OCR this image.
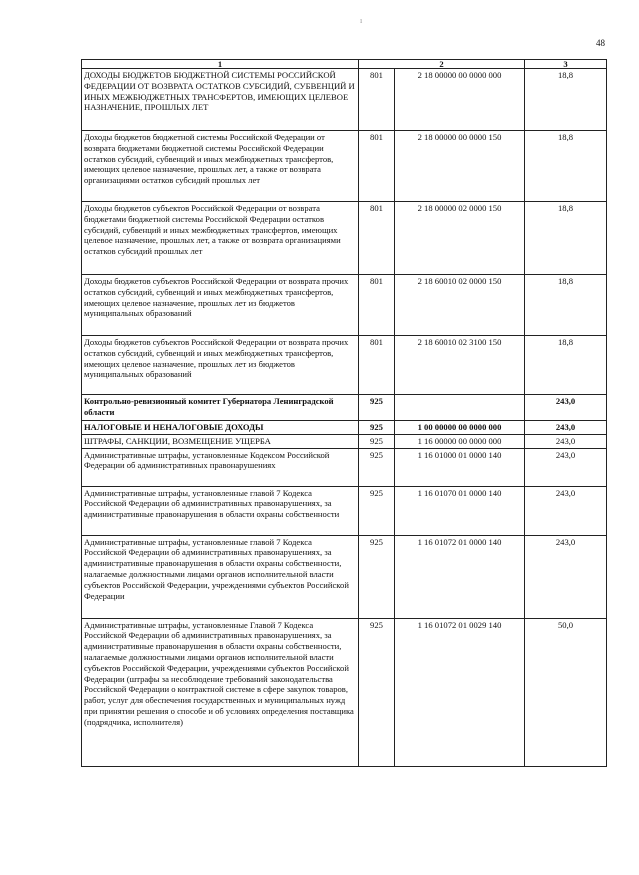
48
ı
1	2		3

ДОХОДЫ БЮДЖЕТОВ БЮДЖЕТНОЙ СИСТЕМЫ РОССИЙСКОЙ ФЕДЕРАЦИИ ОТ ВОЗВРАТА ОСТАТКОВ СУБСИДИЙ, СУБВЕНЦИЙ И ИНЫХ МЕЖБЮДЖЕТНЫХ ТРАНСФЕРТОВ, ИМЕЮЩИХ ЦЕЛЕВОЕ НАЗНАЧЕНИЕ, ПРОШЛЫХ ЛЕТ	801	2 18 00000 00 0000 000	18,8

Доходы бюджетов бюджетной системы Российской Федерации от возврата бюджетами бюджетной системы Российской Федерации остатков субсидий, субвенций и иных межбюджетных трансфертов, имеющих целевое назначение, прошлых лет, а также от возврата организациями остатков субсидий прошлых лет	801	2 18 00000 00 0000 150	18,8

Доходы бюджетов субъектов Российской Федерации от возврата бюджетами бюджетной системы Российской Федерации остатков субсидий, субвенций и иных межбюджетных трансфертов, имеющих целевое назначение, прошлых лет, а также от возврата организациями остатков субсидий прошлых лет	801	2 18 00000 02 0000 150	18,8

Доходы бюджетов субъектов Российской Федерации от возврата прочих остатков субсидий, субвенций и иных межбюджетных трансфертов, имеющих целевое назначение, прошлых лет из бюджетов муниципальных образований	801	2 18 60010 02 0000 150	18,8

Доходы бюджетов субъектов Российской Федерации от возврата прочих остатков субсидий, субвенций и иных межбюджетных трансфертов, имеющих целевое назначение, прошлых лет из бюджетов муниципальных образований	801	2 18 60010 02 3100 150	18,8

Контрольно-ревизионный комитет Губернатора Ленинградской области	925		243,0

НАЛОГОВЫЕ И НЕНАЛОГОВЫЕ ДОХОДЫ	925	1 00 00000 00 0000 000	243,0

ШТРАФЫ, САНКЦИИ, ВОЗМЕЩЕНИЕ УЩЕРБА	925	1 16 00000 00 0000 000	243,0

Административные штрафы, установленные Кодексом Российской Федерации об административных правонарушениях	925	1 16 01000 01 0000 140	243,0

Административные штрафы, установленные главой 7 Кодекса Российской Федерации об административных правонарушениях, за административные правонарушения в области охраны собственности	925	1 16 01070 01 0000 140	243,0

Административные штрафы, установленные главой 7 Кодекса Российской Федерации об административных правонарушениях, за административные правонарушения в области охраны собственности, налагаемые должностными лицами органов исполнительной власти субъектов Российской Федерации, учреждениями субъектов Российской Федерации	925	1 16 01072 01 0000 140	243,0

Административные штрафы, установленные Главой 7 Кодекса Российской Федерации об административных правонарушениях, за административные правонарушения в области охраны собственности, налагаемые должностными лицами органов исполнительной власти субъектов Российской Федерации, учреждениями субъектов Российской Федерации (штрафы за несоблюдение требований законодательства Российской Федерации о контрактной системе в сфере закупок товаров, работ, услуг для обеспечения государственных и муниципальных нужд при принятии решения о способе и об условиях определения поставщика (подрядчика, исполнителя)	925	1 16 01072 01 0029 140	50,0
